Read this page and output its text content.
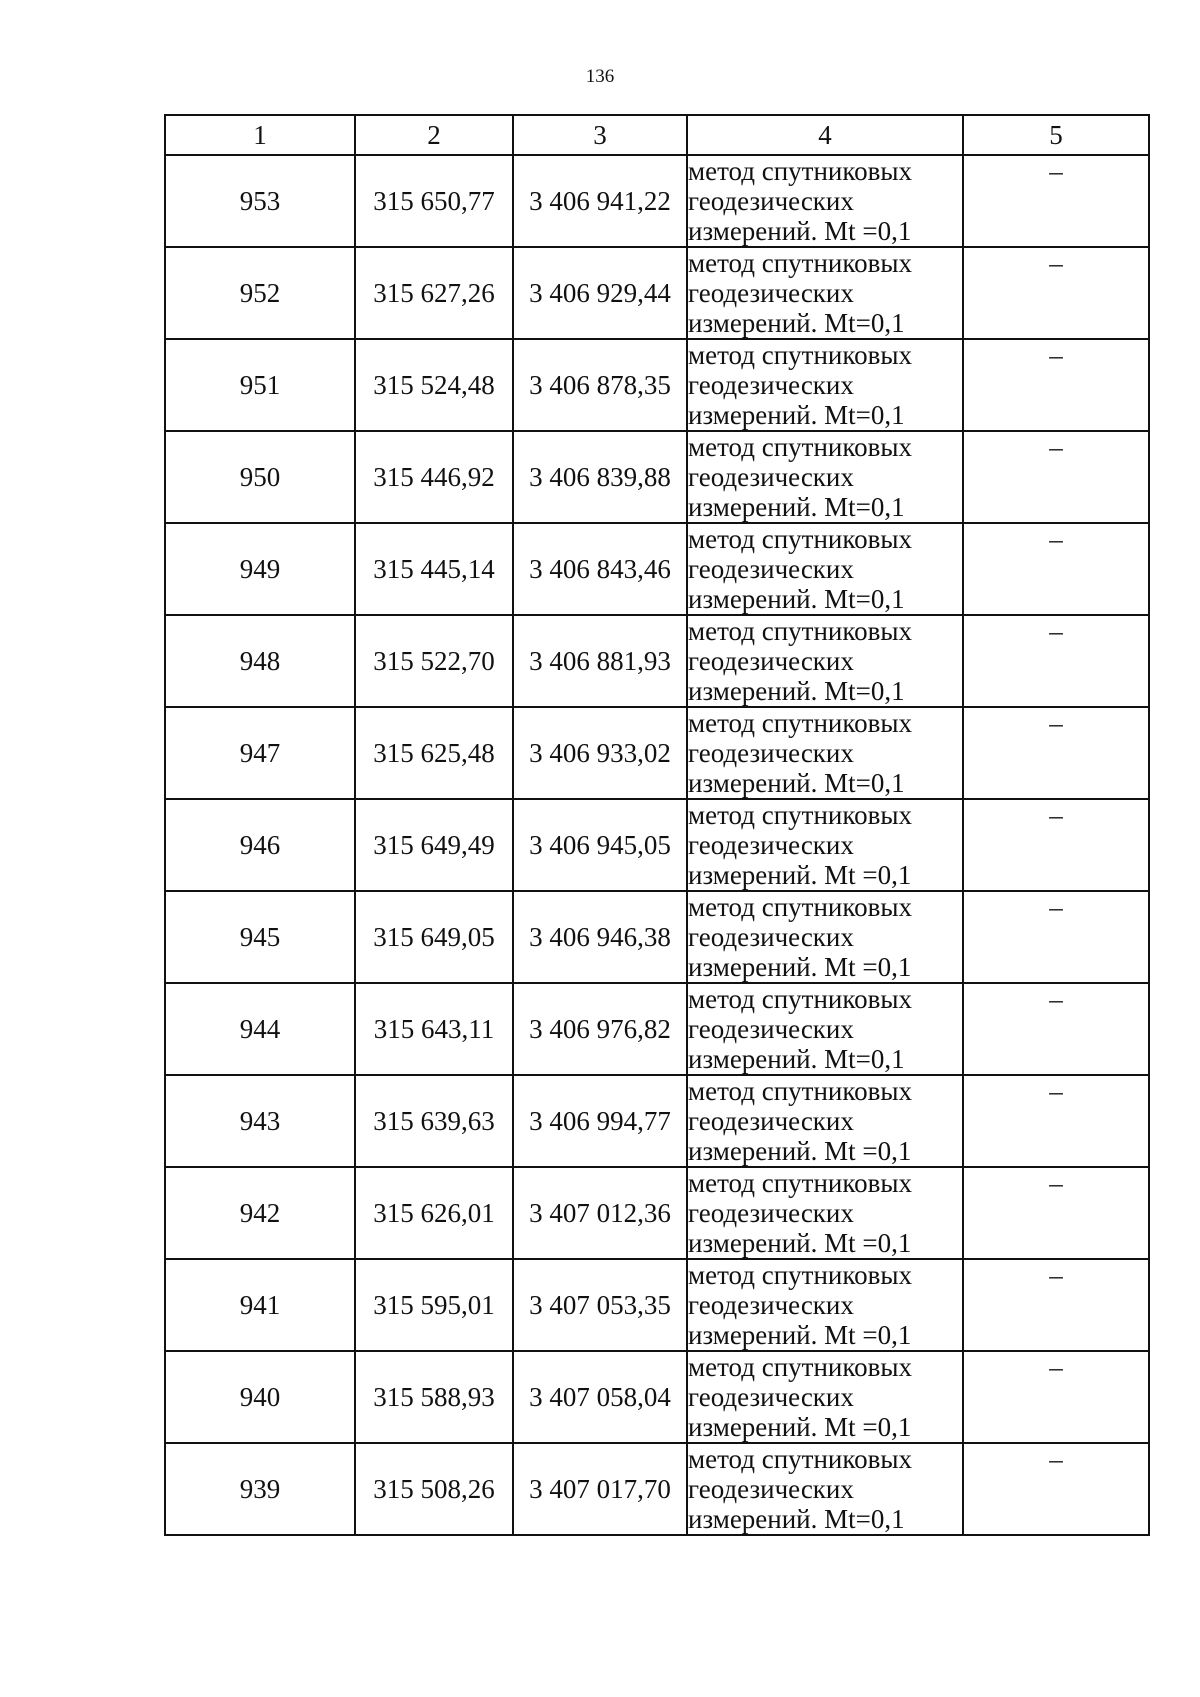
136
1	2	3	4	5
953	315 650,77	3 406 941,22	метод спутниковых
геодезических
измерений. Mt =0,1	–
952	315 627,26	3 406 929,44	метод спутниковых
геодезических
измерений. Mt=0,1	–
951	315 524,48	3 406 878,35	метод спутниковых
геодезических
измерений. Mt=0,1	–
950	315 446,92	3 406 839,88	метод спутниковых
геодезических
измерений. Mt=0,1	–
949	315 445,14	3 406 843,46	метод спутниковых
геодезических
измерений. Mt=0,1	–
948	315 522,70	3 406 881,93	метод спутниковых
геодезических
измерений. Mt=0,1	–
947	315 625,48	3 406 933,02	метод спутниковых
геодезических
измерений. Mt=0,1	–
946	315 649,49	3 406 945,05	метод спутниковых
геодезических
измерений. Mt =0,1	–
945	315 649,05	3 406 946,38	метод спутниковых
геодезических
измерений. Mt =0,1	–
944	315 643,11	3 406 976,82	метод спутниковых
геодезических
измерений. Mt=0,1	–
943	315 639,63	3 406 994,77	метод спутниковых
геодезических
измерений. Mt =0,1	–
942	315 626,01	3 407 012,36	метод спутниковых
геодезических
измерений. Mt =0,1	–
941	315 595,01	3 407 053,35	метод спутниковых
геодезических
измерений. Mt =0,1	–
940	315 588,93	3 407 058,04	метод спутниковых
геодезических
измерений. Mt =0,1	–
939	315 508,26	3 407 017,70	метод спутниковых
геодезических
измерений. Mt=0,1	–
